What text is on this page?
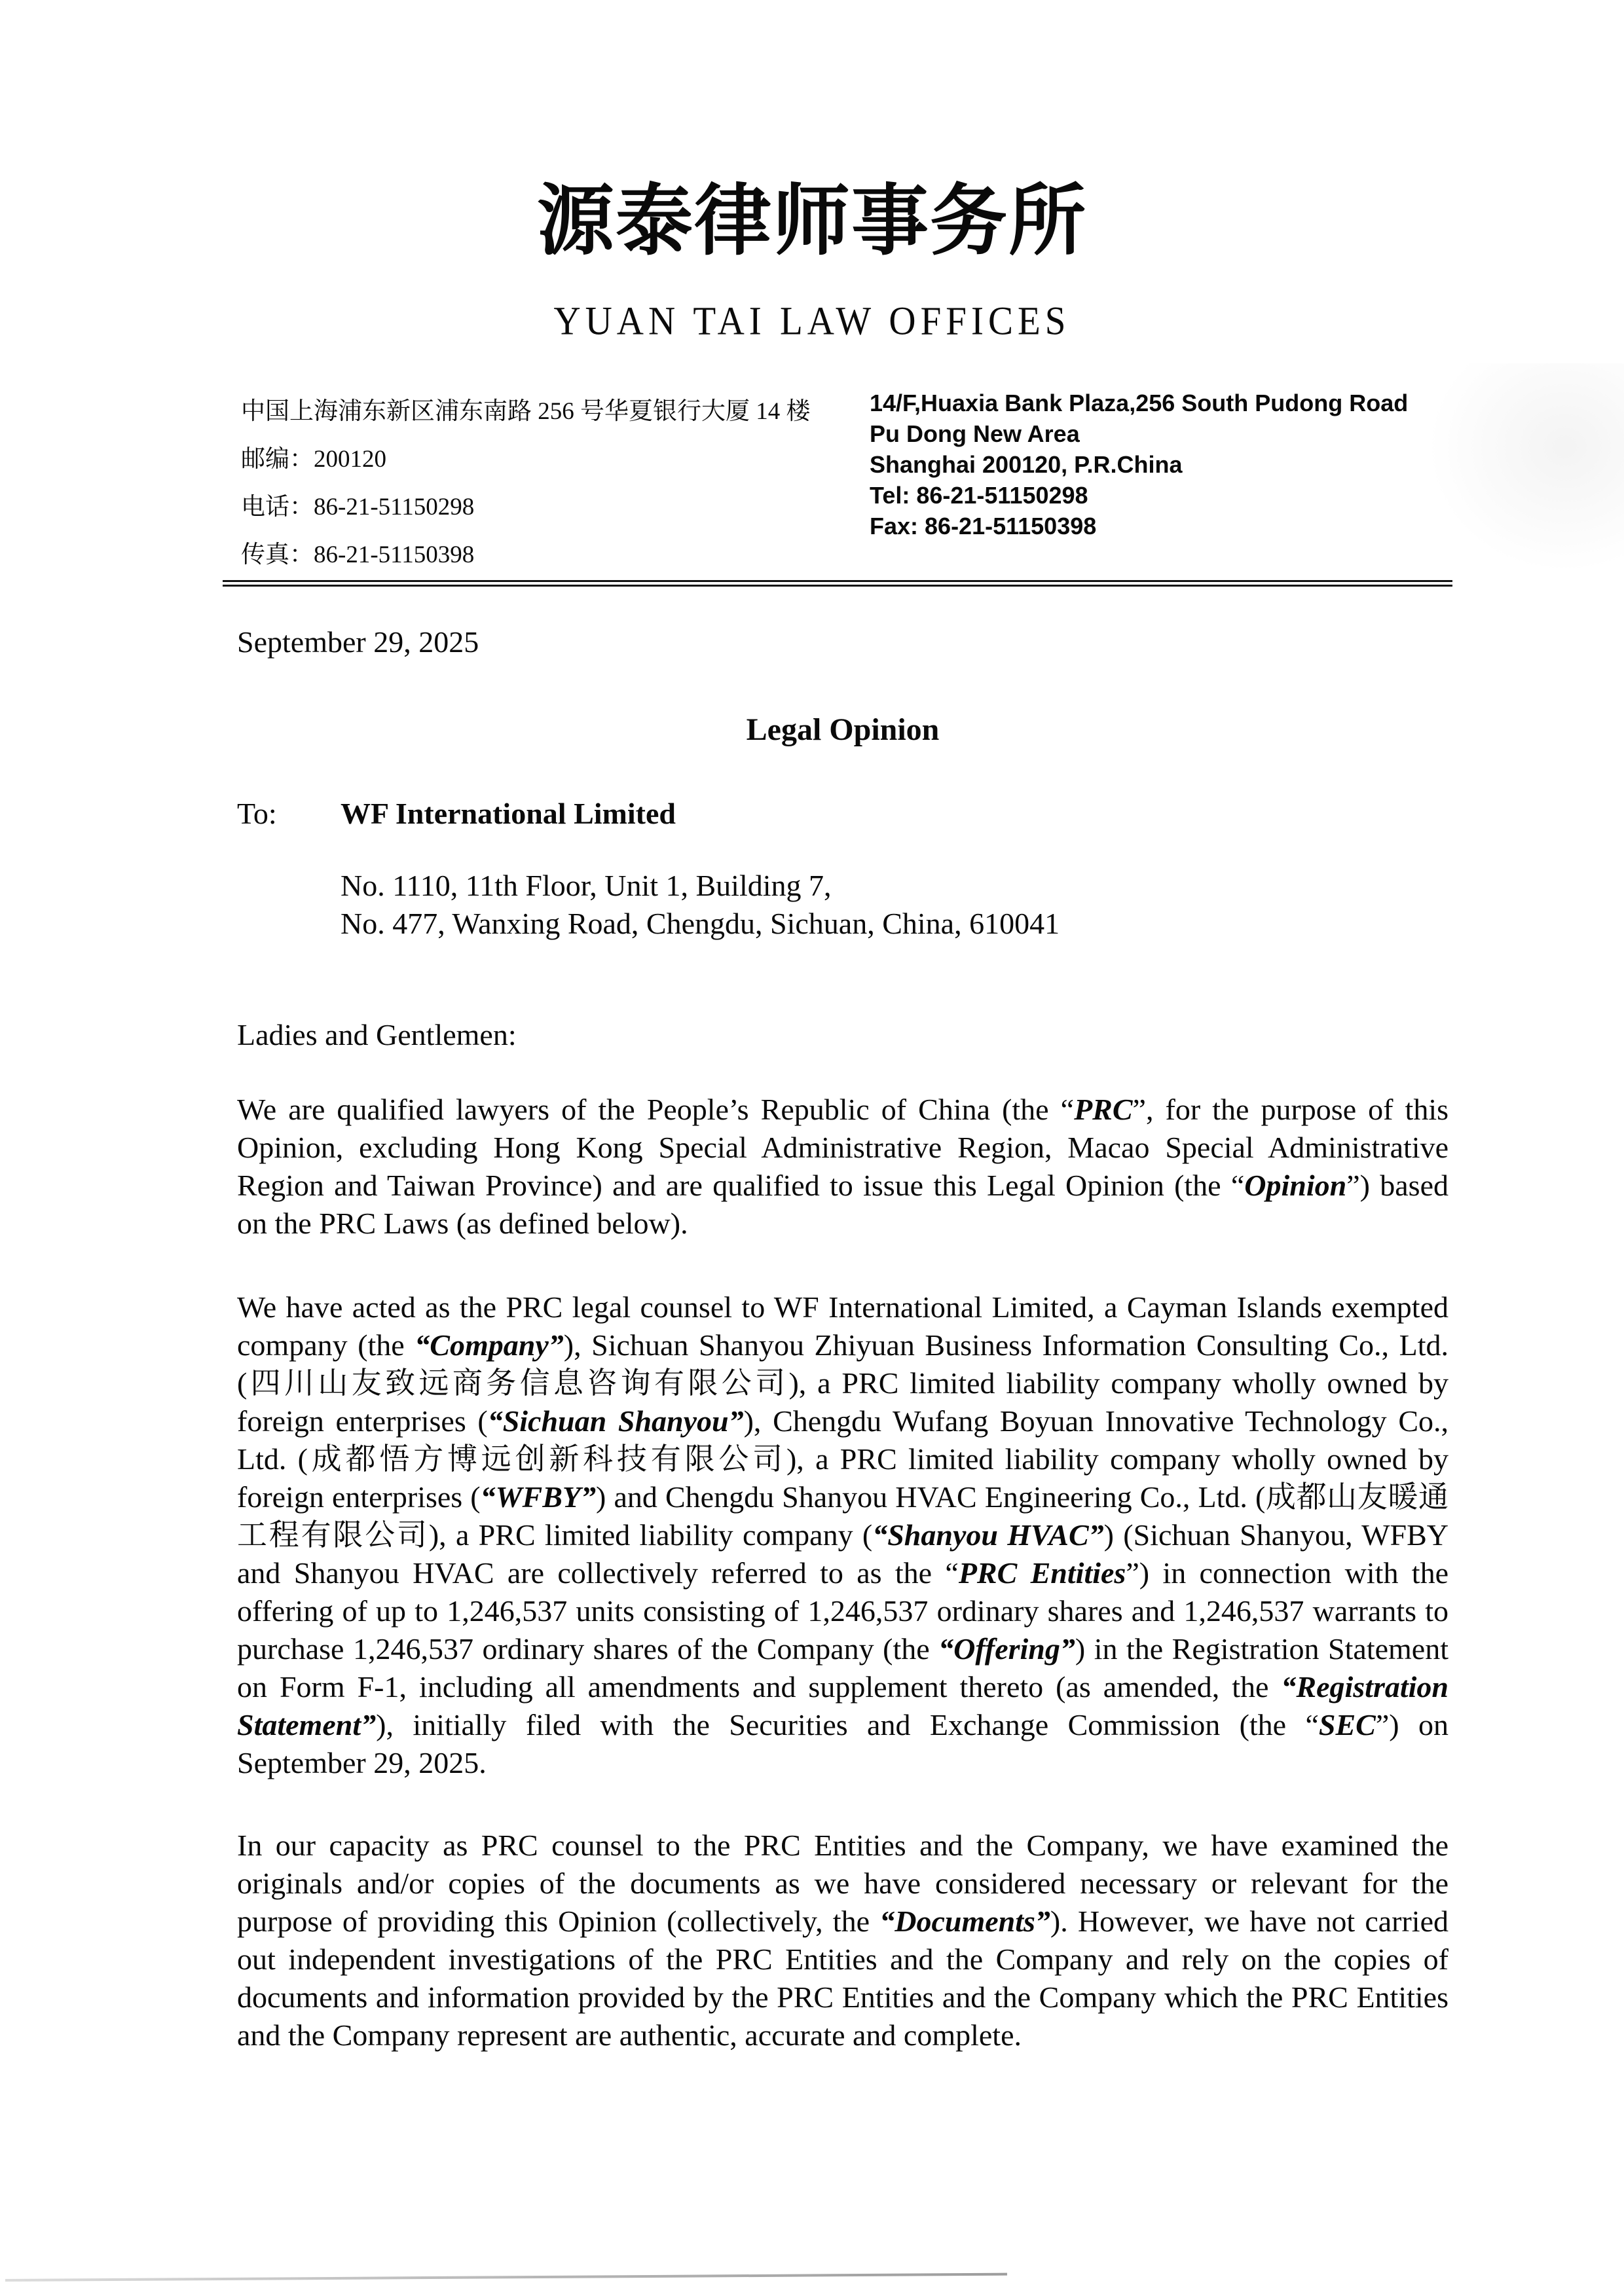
源泰律师事务所
YUAN TAI LAW OFFICES
中国上海浦东新区浦东南路 256 号华夏银行大厦 14 楼
邮编：200120
电话：86-21-51150298
传真：86-21-51150398
14/F,Huaxia Bank Plaza,256 South Pudong Road
Pu Dong New Area
Shanghai 200120, P.R.China
Tel: 86-21-51150298
Fax: 86-21-51150398
September 29, 2025
Legal Opinion
To: WF International Limited
No. 1110, 11th Floor, Unit 1, Building 7,
No. 477, Wanxing Road, Chengdu, Sichuan, China, 610041
Ladies and Gentlemen:

We are qualified lawyers of the People’s Republic of China (the “PRC”, for the purpose of this Opinion, excluding Hong Kong Special Administrative Region, Macao Special Administrative Region and Taiwan Province) and are qualified to issue this Legal Opinion (the “Opinion”) based on the PRC Laws (as defined below).

We have acted as the PRC legal counsel to WF International Limited, a Cayman Islands exempted company (the “Company”), Sichuan Shanyou Zhiyuan Business Information Consulting Co., Ltd. (四川山友致远商务信息咨询有限公司), a PRC limited liability company wholly owned by foreign enterprises (“Sichuan Shanyou”), Chengdu Wufang Boyuan Innovative Technology Co., Ltd. (成都悟方博远创新科技有限公司), a PRC limited liability company wholly owned by foreign enterprises (“WFBY”) and Chengdu Shanyou HVAC Engineering Co., Ltd. (成都山友暖通工程有限公司), a PRC limited liability company (“Shanyou HVAC”) (Sichuan Shanyou, WFBY and Shanyou HVAC are collectively referred to as the “PRC Entities”) in connection with the offering of up to 1,246,537 units consisting of 1,246,537 ordinary shares and 1,246,537 warrants to purchase 1,246,537 ordinary shares of the Company (the “Offering”) in the Registration Statement on Form F-1, including all amendments and supplement thereto (as amended, the “Registration Statement”), initially filed with the Securities and Exchange Commission (the “SEC”) on September 29, 2025.

In our capacity as PRC counsel to the PRC Entities and the Company, we have examined the originals and/or copies of the documents as we have considered necessary or relevant for the purpose of providing this Opinion (collectively, the “Documents”). However, we have not carried out independent investigations of the PRC Entities and the Company and rely on the copies of documents and information provided by the PRC Entities and the Company which the PRC Entities and the Company represent are authentic, accurate and complete.
